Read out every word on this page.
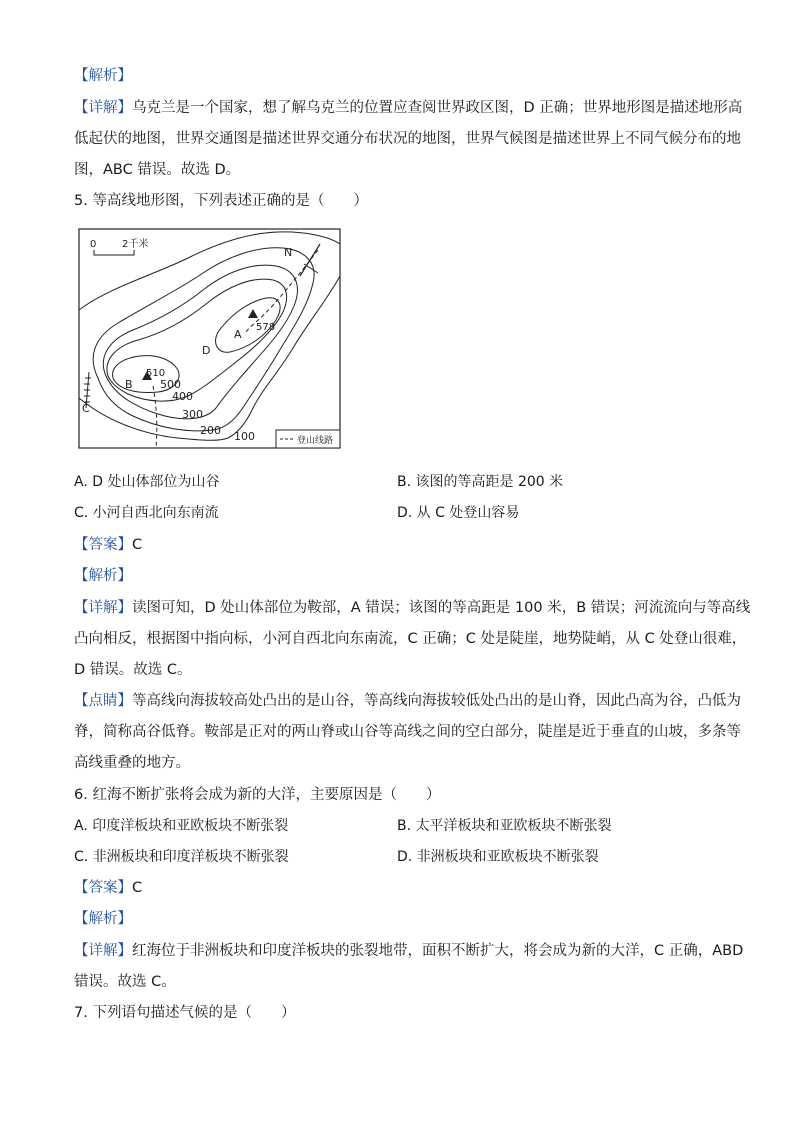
【解析】
【详解】乌克兰是一个国家，想了解乌克兰的位置应查阅世界政区图，D 正确；世界地形图是描述地形高
低起伏的地图，世界交通图是描述世界交通分布状况的地图，世界气候图是描述世界上不同气候分布的地
图，ABC 错误。故选 D。
5. 等高线地形图，下列表述正确的是（　　）
0	2千米
N
A
578
B
510
D
C
500
400
300
200 100	登山线路
A. D 处山体部位为山谷	B. 该图的等高距是 200 米
C. 小河自西北向东南流	D. 从 C 处登山容易
【答案】C
【解析】
【详解】读图可知，D 处山体部位为鞍部，A 错误；该图的等高距是 100 米，B 错误；河流流向与等高线
凸向相反，根据图中指向标，小河自西北向东南流，C 正确；C 处是陡崖，地势陡峭，从 C 处登山很难，
D 错误。故选 C。
【点睛】等高线向海拔较高处凸出的是山谷，等高线向海拔较低处凸出的是山脊，因此凸高为谷，凸低为
脊，简称高谷低脊。鞍部是正对的两山脊或山谷等高线之间的空白部分，陡崖是近于垂直的山坡，多条等
高线重叠的地方。
6. 红海不断扩张将会成为新的大洋，主要原因是（　　）
A. 印度洋板块和亚欧板块不断张裂	B. 太平洋板块和亚欧板块不断张裂
C. 非洲板块和印度洋板块不断张裂	D. 非洲板块和亚欧板块不断张裂
【答案】C
【解析】
【详解】红海位于非洲板块和印度洋板块的张裂地带，面积不断扩大，将会成为新的大洋，C 正确，ABD
错误。故选 C。
7. 下列语句描述气候的是（　　）
